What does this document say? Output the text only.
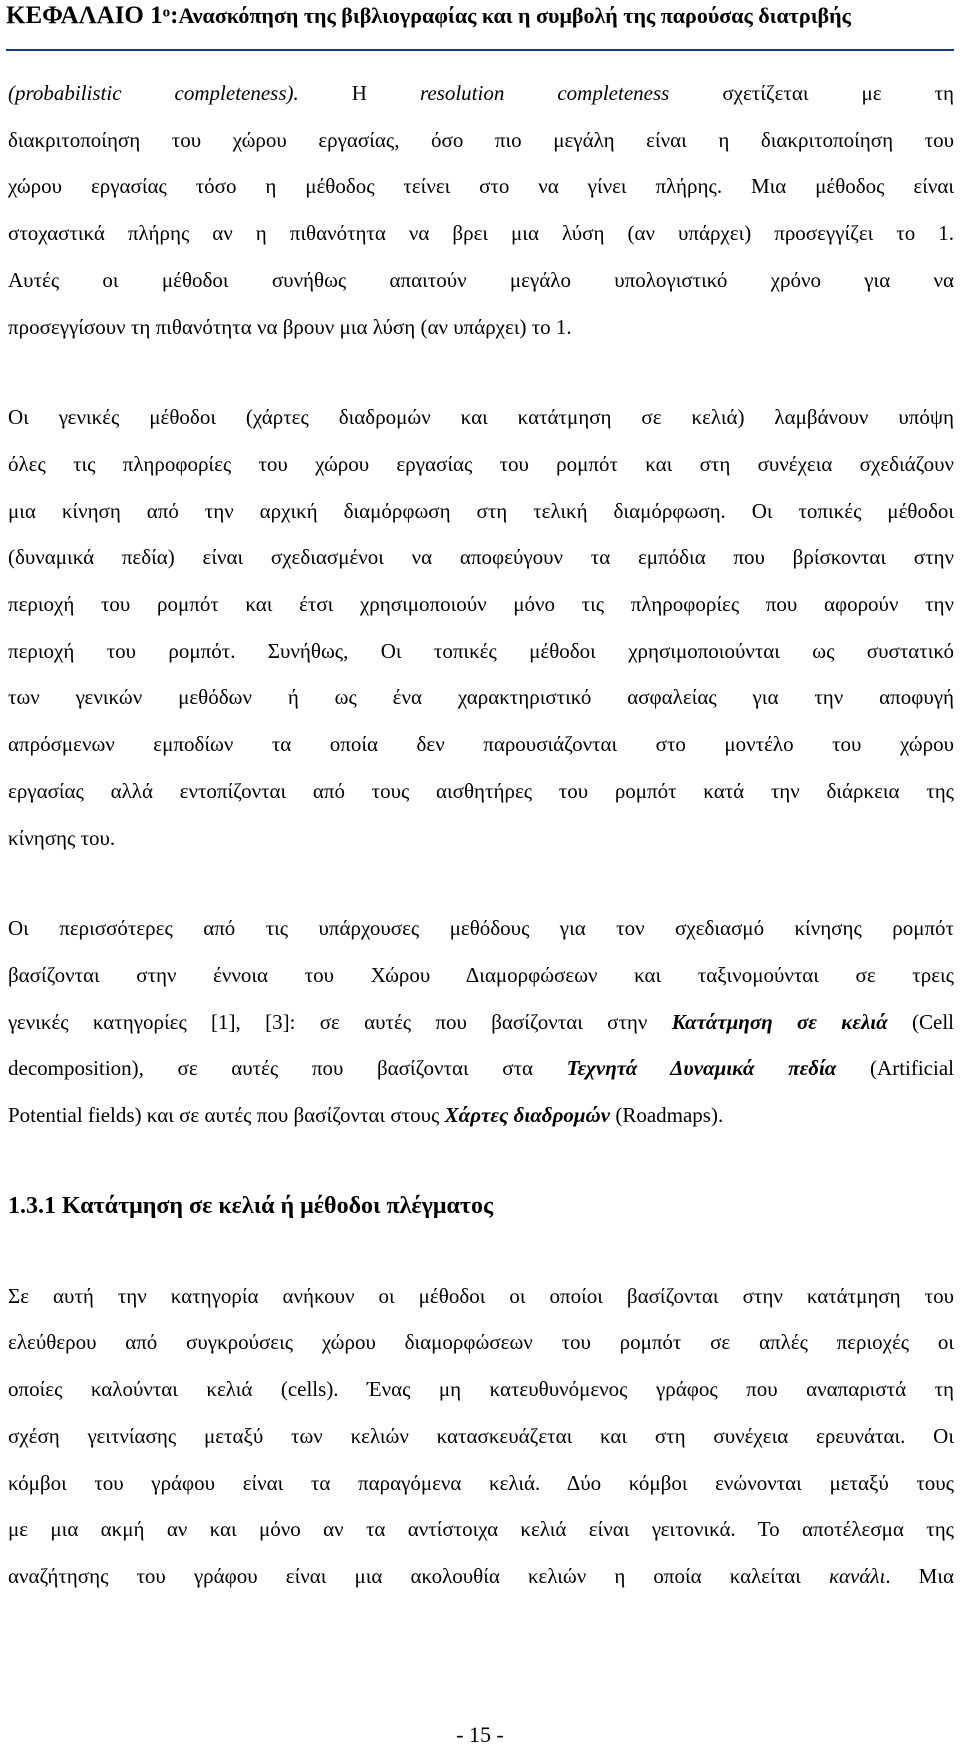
ΚΕΦΑΛΑΙΟ 1ο:Ανασκόπηση της βιβλιογραφίας και η συμβολή της παρούσας διατριβής

(probabilistic completeness). Η resolution completeness σχετίζεται με τη
διακριτοποίηση του χώρου εργασίας, όσο πιο μεγάλη είναι η διακριτοποίηση του
χώρου εργασίας τόσο η μέθοδος τείνει στο να γίνει πλήρης. Μια μέθοδος είναι
στοχαστικά πλήρης αν η πιθανότητα να βρει μια λύση (αν υπάρχει) προσεγγίζει το 1.
Αυτές οι μέθοδοι συνήθως απαιτούν μεγάλο υπολογιστικό χρόνο για να
προσεγγίσουν τη πιθανότητα να βρουν μια λύση (αν υπάρχει) το 1.

Οι γενικές μέθοδοι (χάρτες διαδρομών και κατάτμηση σε κελιά) λαμβάνουν υπόψη
όλες τις πληροφορίες του χώρου εργασίας του ρομπότ και στη συνέχεια σχεδιάζουν
μια κίνηση από την αρχική διαμόρφωση στη τελική διαμόρφωση. Οι τοπικές μέθοδοι
(δυναμικά πεδία) είναι σχεδιασμένοι να αποφεύγουν τα εμπόδια που βρίσκονται στην
περιοχή του ρομπότ και έτσι χρησιμοποιούν μόνο τις πληροφορίες που αφορούν την
περιοχή του ρομπότ. Συνήθως, Οι τοπικές μέθοδοι χρησιμοποιούνται ως συστατικό
των γενικών μεθόδων ή ως ένα χαρακτηριστικό ασφαλείας για την αποφυγή
απρόσμενων εμποδίων τα οποία δεν παρουσιάζονται στο μοντέλο του χώρου
εργασίας αλλά εντοπίζονται από τους αισθητήρες του ρομπότ κατά την διάρκεια της
κίνησης του.

Οι περισσότερες από τις υπάρχουσες μεθόδους για τον σχεδιασμό κίνησης ρομπότ
βασίζονται στην έννοια του Χώρου Διαμορφώσεων και ταξινομούνται σε τρεις
γενικές κατηγορίες [1], [3]: σε αυτές που βασίζονται στην Κατάτμηση σε κελιά (Cell
decomposition), σε αυτές που βασίζονται στα Τεχνητά Δυναμικά πεδία (Artificial
Potential fields) και σε αυτές που βασίζονται στους Χάρτες διαδρομών (Roadmaps).

1.3.1 Κατάτμηση σε κελιά ή μέθοδοι πλέγματος

Σε αυτή την κατηγορία ανήκουν οι μέθοδοι οι οποίοι βασίζονται στην κατάτμηση του
ελεύθερου από συγκρούσεις χώρου διαμορφώσεων του ρομπότ σε απλές περιοχές οι
οποίες καλούνται κελιά (cells). Ένας μη κατευθυνόμενος γράφος που αναπαριστά τη
σχέση γειτνίασης μεταξύ των κελιών κατασκευάζεται και στη συνέχεια ερευνάται. Οι
κόμβοι του γράφου είναι τα παραγόμενα κελιά. Δύο κόμβοι ενώνονται μεταξύ τους
με μια ακμή αν και μόνο αν τα αντίστοιχα κελιά είναι γειτονικά. Το αποτέλεσμα της
αναζήτησης του γράφου είναι μια ακολουθία κελιών η οποία καλείται κανάλι. Μια

- 15 -
